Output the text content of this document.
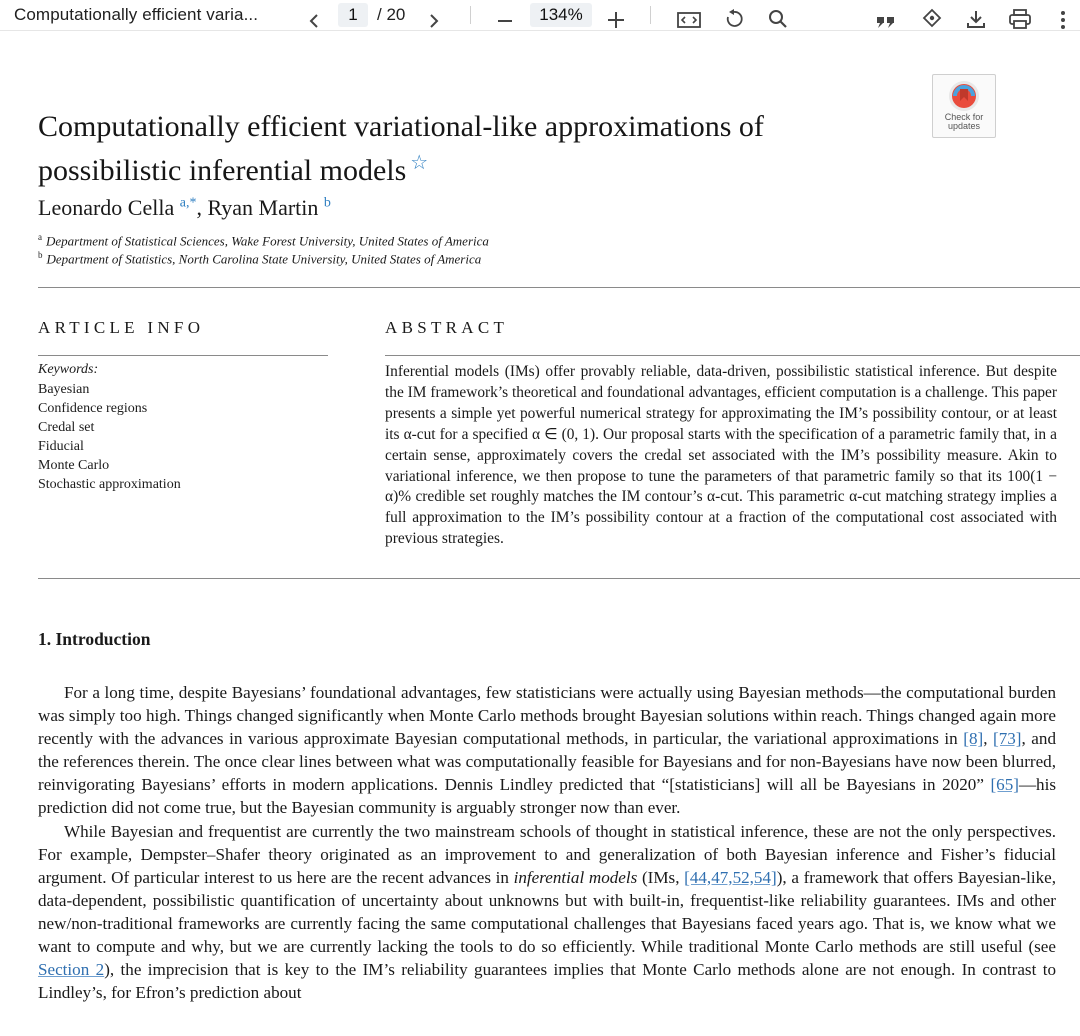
Computationally efficient varia...	1	/ 20	134%
Check for
updates
Computationally efficient variational-like approximations of
possibilistic inferential models ☆
Leonardo Cella $^{a,*}$, Ryan Martin $^b$
$^a$ Department of Statistical Sciences, Wake Forest University, United States of America
$^b$ Department of Statistics, North Carolina State University, United States of America
ARTICLE INFO	ABSTRACT
Keywords:
Bayesian
Confidence regions
Credal set
Fiducial
Monte Carlo
Stochastic approximation

Inferential models (IMs) offer provably reliable, data-driven, possibilistic statistical inference. But despite the IM framework’s theoretical and foundational advantages, efficient computation is a challenge. This paper presents a simple yet powerful numerical strategy for approximating the IM’s possibility contour, or at least its α-cut for a specified α ∈ (0, 1). Our proposal starts with the specification of a parametric family that, in a certain sense, approximately covers the credal set associated with the IM’s possibility measure. Akin to variational inference, we then propose to tune the parameters of that parametric family so that its 100(1 − α)% credible set roughly matches the IM contour’s α-cut. This parametric α-cut matching strategy implies a full approximation to the IM’s possibility contour at a fraction of the computational cost associated with previous strategies.

1. Introduction

For a long time, despite Bayesians’ foundational advantages, few statisticians were actually using Bayesian methods—the computational burden was simply too high. Things changed significantly when Monte Carlo methods brought Bayesian solutions within reach. Things changed again more recently with the advances in various approximate Bayesian computational methods, in particular, the variational approximations in [8], [73], and the references therein. The once clear lines between what was computationally feasible for Bayesians and for non-Bayesians have now been blurred, reinvigorating Bayesians’ efforts in modern applications. Dennis Lindley predicted that “[statisticians] will all be Bayesians in 2020” [65]—his prediction did not come true, but the Bayesian community is arguably stronger now than ever.

While Bayesian and frequentist are currently the two mainstream schools of thought in statistical inference, these are not the only perspectives. For example, Dempster–Shafer theory originated as an improvement to and generalization of both Bayesian inference and Fisher’s fiducial argument. Of particular interest to us here are the recent advances in inferential models (IMs, [44,47,52,54]), a framework that offers Bayesian-like, data-dependent, possibilistic quantification of uncertainty about unknowns but with built-in, frequentist-like reliability guarantees. IMs and other new/non-traditional frameworks are currently facing the same computational challenges that Bayesians faced years ago. That is, we know what we want to compute and why, but we are currently lacking the tools to do so efficiently. While traditional Monte Carlo methods are still useful (see Section 2), the imprecision that is key to the IM’s reliability guarantees implies that Monte Carlo methods alone are not enough. In contrast to Lindley’s, for Efron’s prediction about
